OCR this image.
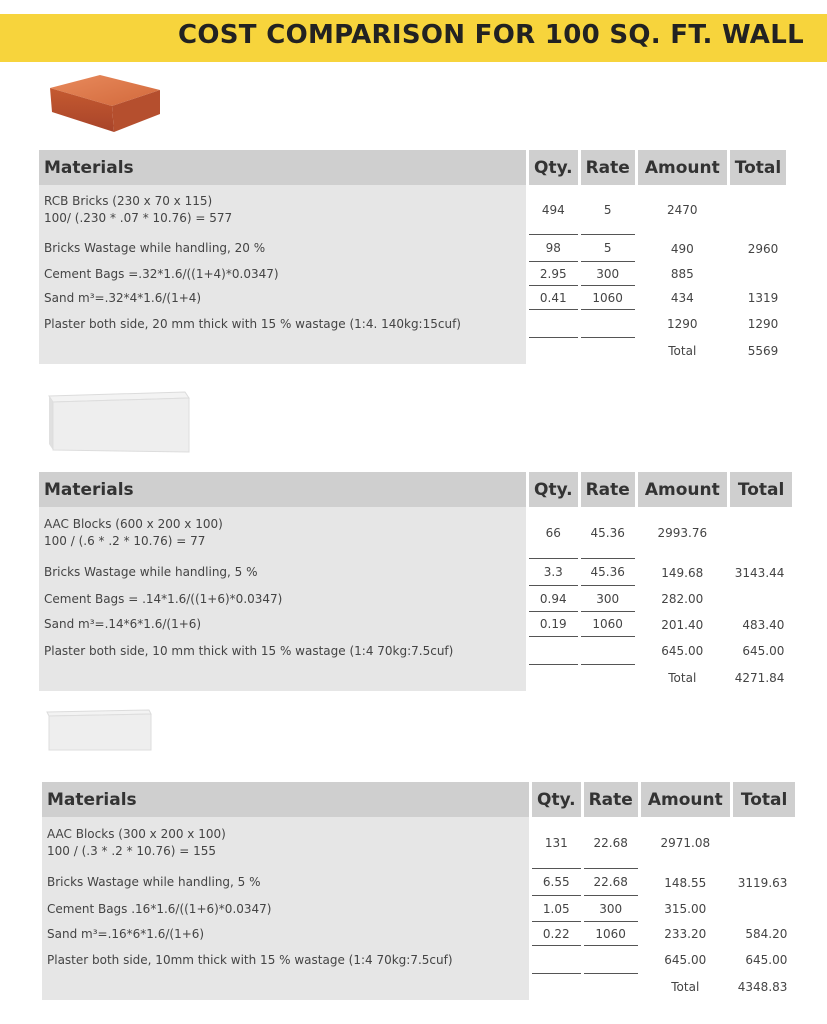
COST COMPARISON FOR 100 SQ. FT. WALL
Materials	Qty.	Rate	Amount	Total

RCB Bricks (230 x 70 x 115)
100/ (.230 * .07 * 10.76) = 577	494	5	2470	
Bricks Wastage while handling, 20 %	98	5	490	2960
Cement Bags =.32*1.6/((1+4)*0.0347)	2.95	300	885	
Sand m³=.32*4*1.6/(1+4)	0.41	1060	434	1319
Plaster both side, 20 mm thick with 15 % wastage (1:4. 140kg:15cuf)			1290	1290
			Total	5569
Materials	Qty.	Rate	Amount	Total

AAC Blocks (600 x 200 x 100)
100 / (.6 * .2 * 10.76) = 77	66	45.36	2993.76	
Bricks Wastage while handling, 5 %	3.3	45.36	149.68	3143.44
Cement Bags = .14*1.6/((1+6)*0.0347)	0.94	300	282.00	
Sand m³=.14*6*1.6/(1+6)	0.19	1060	201.40	483.40
Plaster both side, 10 mm thick with 15 % wastage (1:4 70kg:7.5cuf)			645.00	645.00
			Total	4271.84
Materials	Qty.	Rate	Amount	Total

AAC Blocks (300 x 200 x 100)
100 / (.3 * .2 * 10.76) = 155	131	22.68	2971.08	
Bricks Wastage while handling, 5 %	6.55	22.68	148.55	3119.63
Cement Bags .16*1.6/((1+6)*0.0347)	1.05	300	315.00	
Sand m³=.16*6*1.6/(1+6)	0.22	1060	233.20	584.20
Plaster both side, 10mm thick with 15 % wastage (1:4 70kg:7.5cuf)			645.00	645.00
			Total	4348.83
